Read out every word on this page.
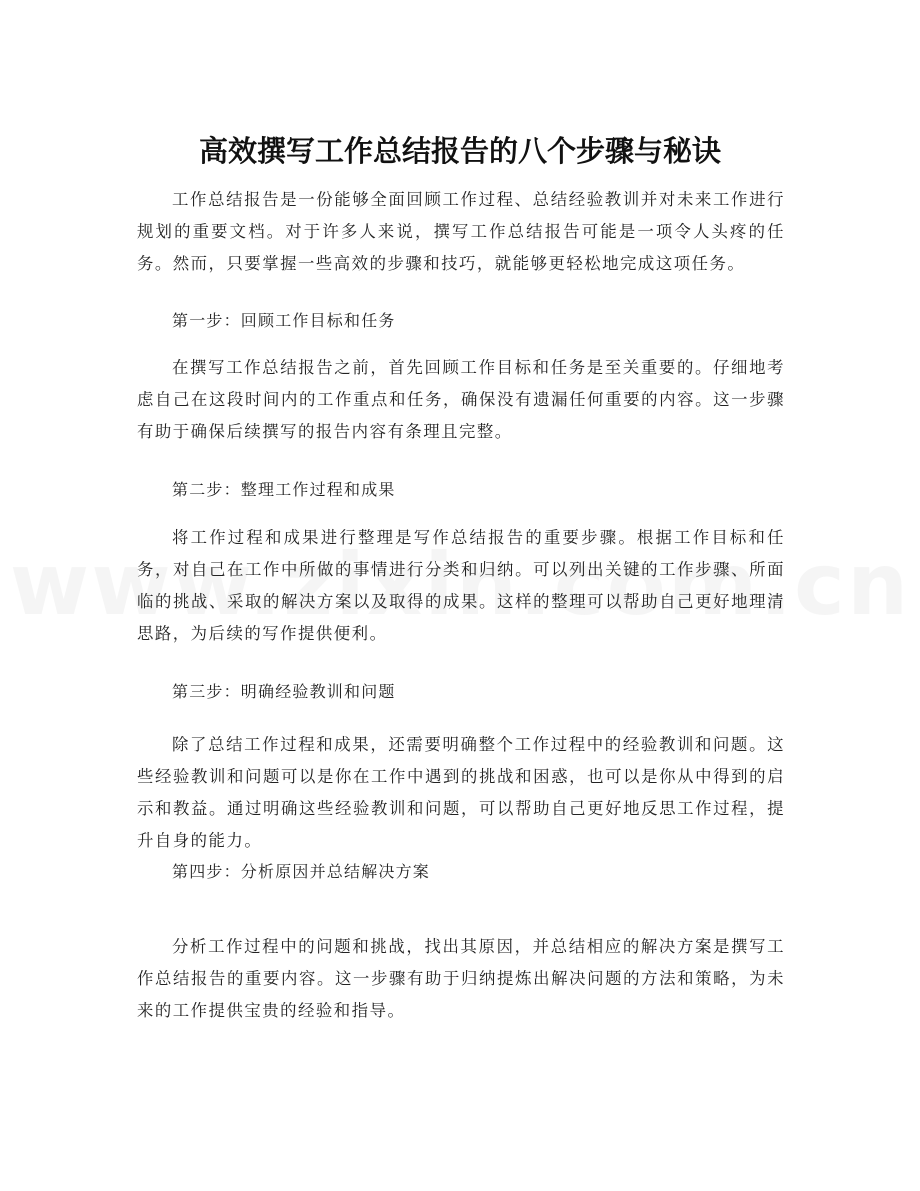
高效撰写工作总结报告的八个步骤与秘诀

工作总结报告是一份能够全面回顾工作过程、总结经验教训并对未来工作进行规划的重要文档。对于许多人来说，撰写工作总结报告可能是一项令人头疼的任务。然而，只要掌握一些高效的步骤和技巧，就能够更轻松地完成这项任务。

第一步：回顾工作目标和任务

在撰写工作总结报告之前，首先回顾工作目标和任务是至关重要的。仔细地考虑自己在这段时间内的工作重点和任务，确保没有遗漏任何重要的内容。这一步骤有助于确保后续撰写的报告内容有条理且完整。

第二步：整理工作过程和成果

将工作过程和成果进行整理是写作总结报告的重要步骤。根据工作目标和任务，对自己在工作中所做的事情进行分类和归纳。可以列出关键的工作步骤、所面临的挑战、采取的解决方案以及取得的成果。这样的整理可以帮助自己更好地理清思路，为后续的写作提供便利。

第三步：明确经验教训和问题

除了总结工作过程和成果，还需要明确整个工作过程中的经验教训和问题。这些经验教训和问题可以是你在工作中遇到的挑战和困惑，也可以是你从中得到的启示和教益。通过明确这些经验教训和问题，可以帮助自己更好地反思工作过程，提升自身的能力。

第四步：分析原因并总结解决方案

分析工作过程中的问题和挑战，找出其原因，并总结相应的解决方案是撰写工作总结报告的重要内容。这一步骤有助于归纳提炼出解决问题的方法和策略，为未来的工作提供宝贵的经验和指导。
